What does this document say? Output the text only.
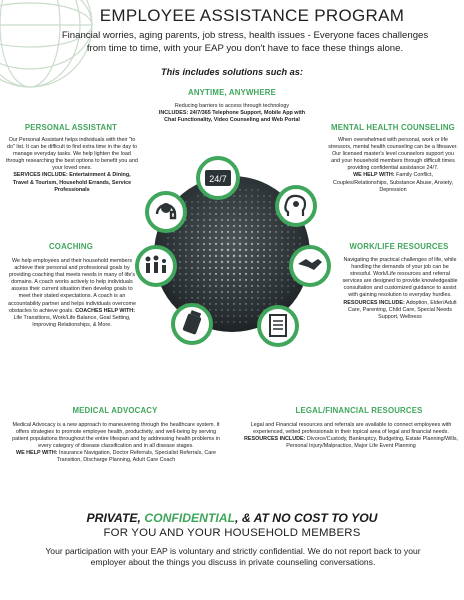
EMPLOYEE ASSISTANCE PROGRAM
Financial worries, aging parents, job stress, health issues - Everyone faces challenges from time to time, with your EAP you don't have to face these things alone.
This includes solutions such as:
ANYTIME, ANYWHERE
Reducing barriers to access through technology
INCLUDES: 24/7/365 Telephone Support, Mobile App with Chat Functionality, Video Counseling and Web Portal
PERSONAL ASSISTANT
Our Personal Assistant helps individuals with their "to do" list. It can be difficult to find extra time in the day to manage everyday tasks. We help lighten the load through researching the best options to benefit you and your loved ones.
SERVICES INCLUDE: Entertainment & Dining, Travel & Tourism, Household Errands, Service Professionals
MENTAL HEALTH COUNSELING
When overwhelmed with personal, work or life stressors, mental health counseling can be a lifesaver. Our licensed master's level counselors support you and your household members through difficult times providing confidential assistance 24/7.
WE HELP WITH: Family Conflict, Couples/Relationships, Substance Abuse, Anxiety, Depression
COACHING
We help employees and their household members achieve their personal and professional goals by providing coaching that meets needs in many of life's domains. A coach works actively to help individuals assess their current situation then develop goals to meet their stated expectations. A coach is an accountability partner and helps individuals overcome obstacles to achieve goals. COACHES HELP WITH: Life Transitions, Work/Life Balance, Goal Setting, Improving Relationships, & More.
WORK/LIFE RESOURCES
Navigating the practical challenges of life, while handling the demands of your job can be stressful. Work/Life resources and referral services are designed to provide knowledgeable consultation and customized guidance to assist with gaining resolution to everyday hurdles.
RESOURCES INCLUDE: Adoption, Elder/Adult Care, Parenting, Child Care, Special Needs Support, Wellness
MEDICAL ADVOCACY
Medical Advocacy is a new approach to maneuvering through the healthcare system. It offers strategies to promote employee health, productivity, and well-being by serving patient populations throughout the entire lifespan and by addressing health problems in every category of disease classification and in all disease stages.
WE HELP WITH: Insurance Navigation, Doctor Referrals, Specialist Referrals, Care Transition, Discharge Planning, Adult Care Coach
LEGAL/FINANCIAL RESOURCES
Legal and Financial resources and referrals are available to connect employees with experienced, vetted professionals in their topical area of legal and financial needs.
RESOURCES INCLUDE: Divorce/Custody, Bankruptcy, Budgeting, Estate Planning/Wills, Personal Injury/Malpractice, Major Life Event Planning
24/7
PRIVATE, CONFIDENTIAL, & AT NO COST TO YOU
FOR YOU AND YOUR HOUSEHOLD MEMBERS
Your participation with your EAP is voluntary and strictly confidential. We do not report back to your employer about the things you discuss in private counseling conversations.
